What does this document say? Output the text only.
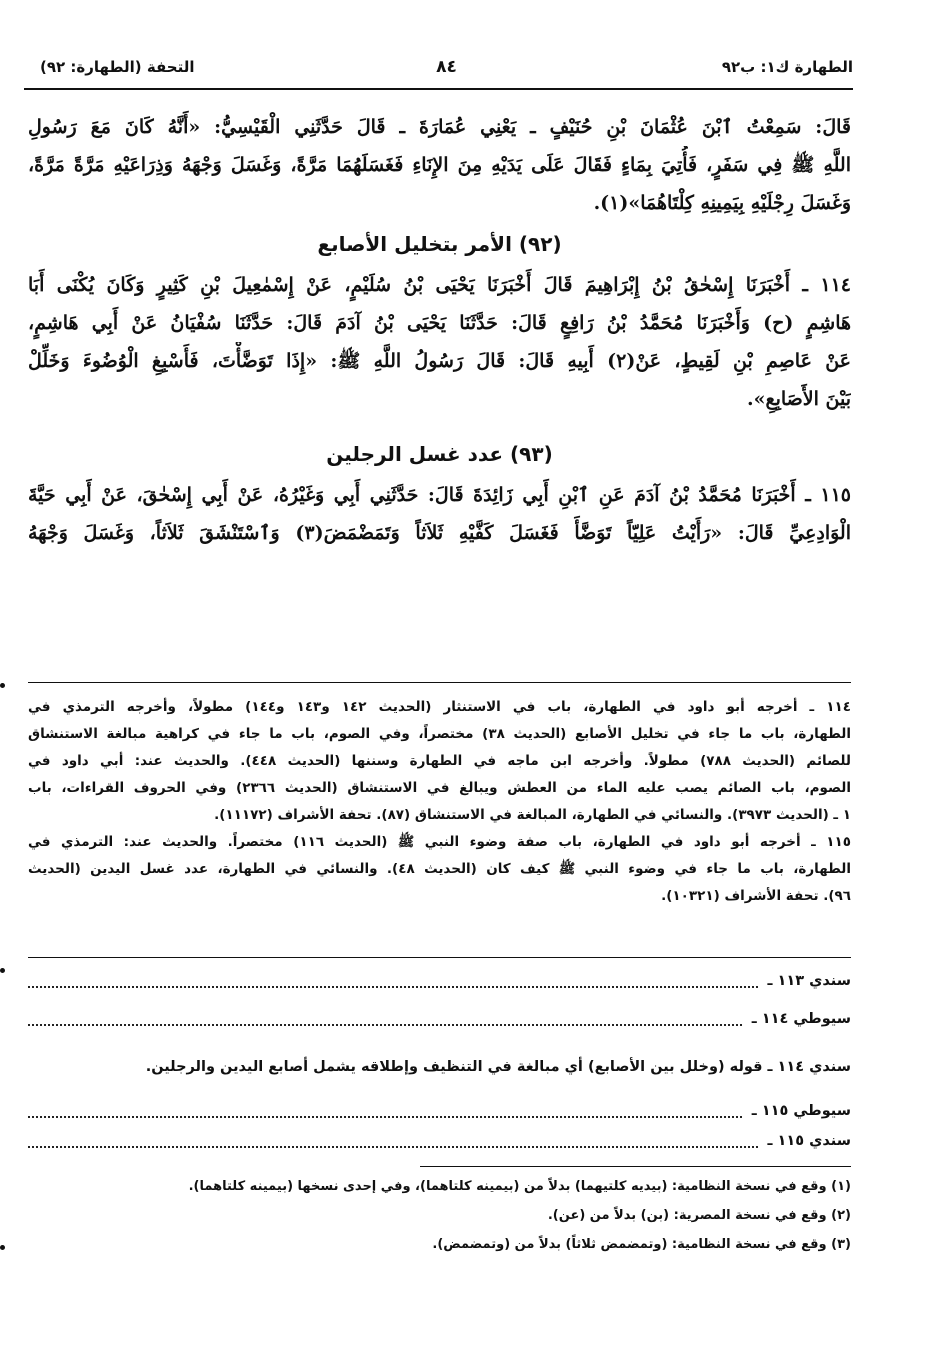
الطهارة ك١: ب٩٢
٨٤
التحفة (الطهارة: ٩٢)
قَالَ: سَمِعْتُ ٱبْنَ عُثْمَانَ بْنِ حُنَيْفٍ ـ يَعْنِي عُمَارَةَ ـ قَالَ حَدَّثَنِي الْقَيْسِيُّ: «أَنَّهُ كَانَ مَعَ رَسُولِ
اللَّهِ ﷺ فِي سَفَرٍ، فَأُتِيَ بِمَاءٍ فَقَالَ عَلَى يَدَيْهِ مِنَ الإِنَاءِ فَغَسَلَهُمَا مَرَّةً، وَغَسَلَ وَجْهَهُ وَذِرَاعَيْهِ مَرَّةً مَرَّةً،
وَغَسَلَ رِجْلَيْهِ بِيَمِينِهِ كِلْتَاهُمَا»(١).
(٩٢) الأمر بتخليل الأصابع
١١٤ ـ أَخْبَرَنَا إِسْحٰقُ بْنُ إِبْرَاهِيمَ قَالَ أَخْبَرَنَا يَحْيَى بْنُ سُلَيْمٍ، عَنْ إِسْمٰعِيلَ بْنِ كَثِيرٍ وَكَانَ يُكْنَى أَبَا
هَاشِمٍ (ح) وَأَخْبَرَنَا مُحَمَّدُ بْنُ رَافِعٍ قَالَ: حَدَّثَنَا يَحْيَى بْنُ آدَمَ قَالَ: حَدَّثَنَا سُفْيَانُ عَنْ أَبِي هَاشِمٍ،
عَنْ عَاصِمِ بْنِ لَقِيطٍ، عَنْ(٢) أَبِيهِ قَالَ: قَالَ رَسُولُ اللَّهِ ﷺ: «إِذَا تَوَضَّأْتَ، فَأَسْبِغِ الْوُضُوءَ وَخَلِّلْ
بَيْنَ الأَصَابِعِ».
(٩٣) عدد غسل الرجلين
١١٥ ـ أَخْبَرَنَا مُحَمَّدُ بْنُ آدَمَ عَنِ ٱبْنِ أَبِي زَائِدَةَ قَالَ: حَدَّثَنِي أَبِي وَغَيْرُهُ، عَنْ أَبِي إِسْحٰقَ، عَنْ أَبِي حَيَّةَ
الْوَادِعِيِّ قَالَ: «رَأَيْتُ عَلِيّاً تَوَضَّأَ فَغَسَلَ كَفَّيْهِ ثَلاَثاً وَتَمَضْمَضَ(٣) وَٱسْتَنْشَقَ ثَلاَثاً، وَغَسَلَ وَجْهَهُ
١١٤ ـ أخرجه أبو داود في الطهارة، باب في الاستنثار (الحديث ١٤٢ و١٤٣ و١٤٤) مطولاً، وأخرجه الترمذي في
الطهارة، باب ما جاء في تخليل الأصابع (الحديث ٣٨) مختصراً، وفي الصوم، باب ما جاء في كراهية مبالغة الاستنشاق
للصائم (الحديث ٧٨٨) مطولاً. وأخرجه ابن ماجه في الطهارة وسننها (الحديث ٤٤٨). والحديث عند: أبي داود في
الصوم، باب الصائم يصب عليه الماء من العطش ويبالغ في الاستنشاق (الحديث ٢٣٦٦) وفي الحروف القراءات، باب
١ ـ (الحديث ٣٩٧٣). والنسائي في الطهارة، المبالغة في الاستنشاق (٨٧). تحفة الأشراف (١١١٧٢).
١١٥ ـ أخرجه أبو داود في الطهارة، باب صفة وضوء النبي ﷺ (الحديث ١١٦) مختصراً. والحديث عند: الترمذي في
الطهارة، باب ما جاء في وضوء النبي ﷺ كيف كان (الحديث ٤٨). والنسائي في الطهارة، عدد غسل اليدين (الحديث
٩٦). تحفة الأشراف (١٠٣٢١).
سندي ١١٣ ـ
سيوطي ١١٤ ـ
سندي ١١٤ ـ قوله (وخلل بين الأصابع) أي مبالغة في التنظيف وإطلاقه يشمل أصابع اليدين والرجلين.
سيوطي ١١٥ ـ
سندي ١١٥ ـ
(١) وقع في نسخة النظامية: (بيديه كلتيهما) بدلاً من (بيمينه كلتاهما)، وفي إحدى نسخها (بيمينه كلتاهما).
(٢) وقع في نسخة المصرية: (بن) بدلاً من (عن).
(٣) وقع في نسخة النظامية: (وتمضمض ثلاثاً) بدلاً من (وتمضمض).
